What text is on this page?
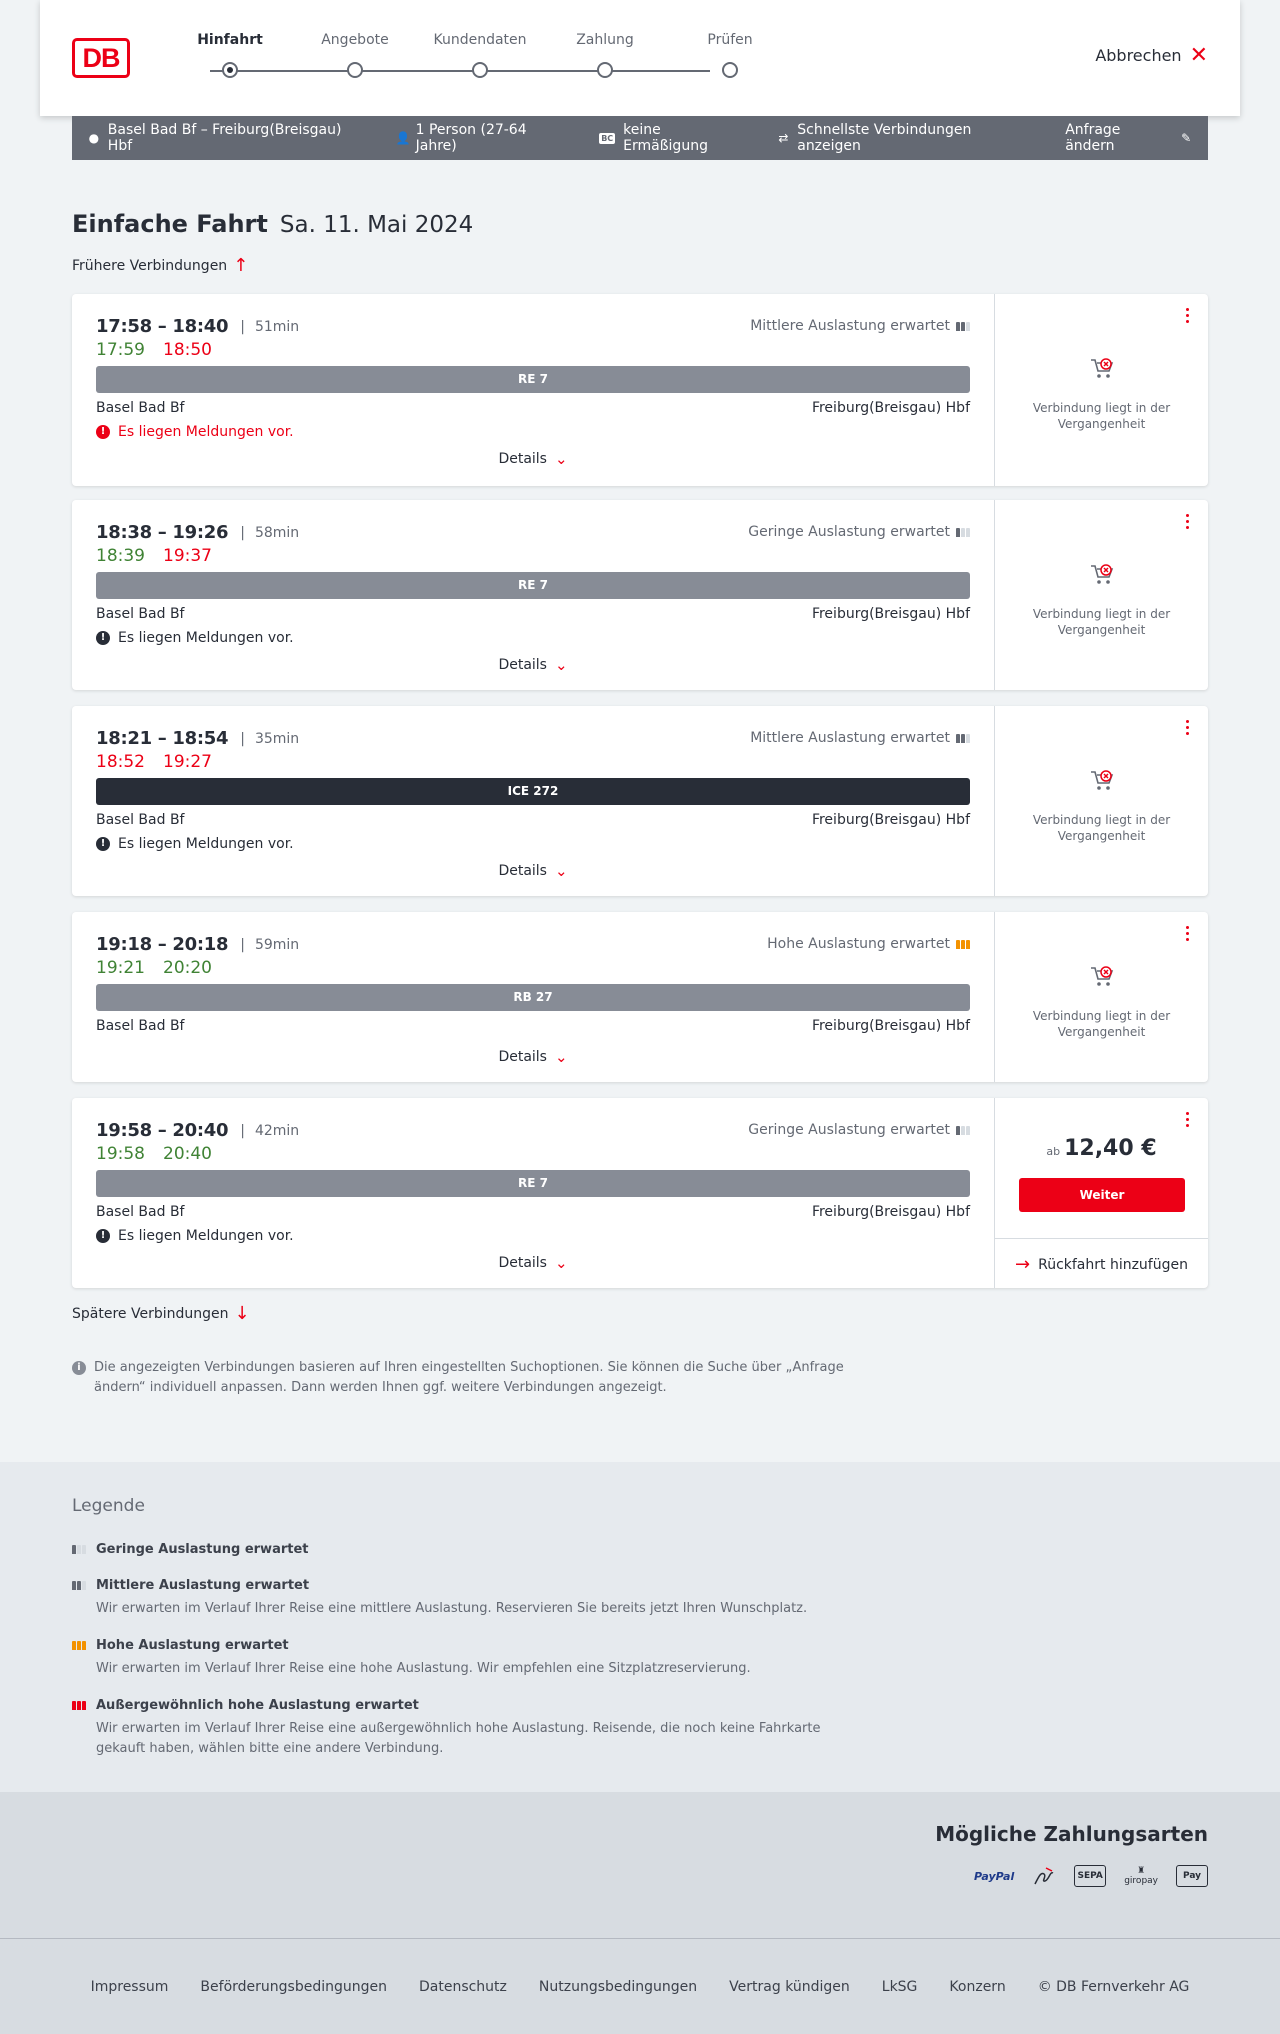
DB
Hinfahrt	Angebote	Kundendaten	Zahlung	Prüfen
Abbrechen ✕
● Basel Bad Bf – Freiburg(Breisgau) Hbf	👤 1 Person (27-64 Jahre)	BC keine Ermäßigung	⇄ Schnellste Verbindungen anzeigen
Anfrage ändern	✎
Einfache Fahrt Sa. 11. Mai 2024
Frühere Verbindungen ↑
17:58 – 18:40 | 51min
17:59 18:50
Mittlere Auslastung erwartet
RE 7
Basel Bad Bf	Freiburg(Breisgau) Hbf
! Es liegen Meldungen vor.
Details ⌄
Verbindung liegt in der Vergangenheit
18:38 – 19:26 | 58min
18:39 19:37
Geringe Auslastung erwartet
RE 7
Basel Bad Bf	Freiburg(Breisgau) Hbf
! Es liegen Meldungen vor.
Details ⌄
Verbindung liegt in der Vergangenheit
18:21 – 18:54 | 35min
18:52 19:27
Mittlere Auslastung erwartet
ICE 272
Basel Bad Bf	Freiburg(Breisgau) Hbf
! Es liegen Meldungen vor.
Details ⌄
Verbindung liegt in der Vergangenheit
19:18 – 20:18 | 59min
19:21 20:20
Hohe Auslastung erwartet
RB 27
Basel Bad Bf	Freiburg(Breisgau) Hbf
Details ⌄
Verbindung liegt in der Vergangenheit
19:58 – 20:40 | 42min
19:58 20:40
Geringe Auslastung erwartet
RE 7
Basel Bad Bf	Freiburg(Breisgau) Hbf
! Es liegen Meldungen vor.
Details ⌄
ab 12,40 €
Weiter
→ Rückfahrt hinzufügen
Spätere Verbindungen ↓
i	Die angezeigten Verbindungen basieren auf Ihren eingestellten Suchoptionen. Sie können die Suche über „Anfrage ändern“ individuell anpassen. Dann werden Ihnen ggf. weitere Verbindungen angezeigt.
Legende
Geringe Auslastung erwartet
Mittlere Auslastung erwartet
Wir erwarten im Verlauf Ihrer Reise eine mittlere Auslastung. Reservieren Sie bereits jetzt Ihren Wunschplatz.
Hohe Auslastung erwartet
Wir erwarten im Verlauf Ihrer Reise eine hohe Auslastung. Wir empfehlen eine Sitzplatzreservierung.
Außergewöhnlich hohe Auslastung erwartet
Wir erwarten im Verlauf Ihrer Reise eine außergewöhnlich hohe Auslastung. Reisende, die noch keine Fahrkarte gekauft haben, wählen bitte eine andere Verbindung.
Mögliche Zahlungsarten
PayPal	SEPA	♜
giropay	Pay
Impressum Beförderungsbedingungen Datenschutz Nutzungsbedingungen Vertrag kündigen LkSG Konzern © DB Fernverkehr AG
